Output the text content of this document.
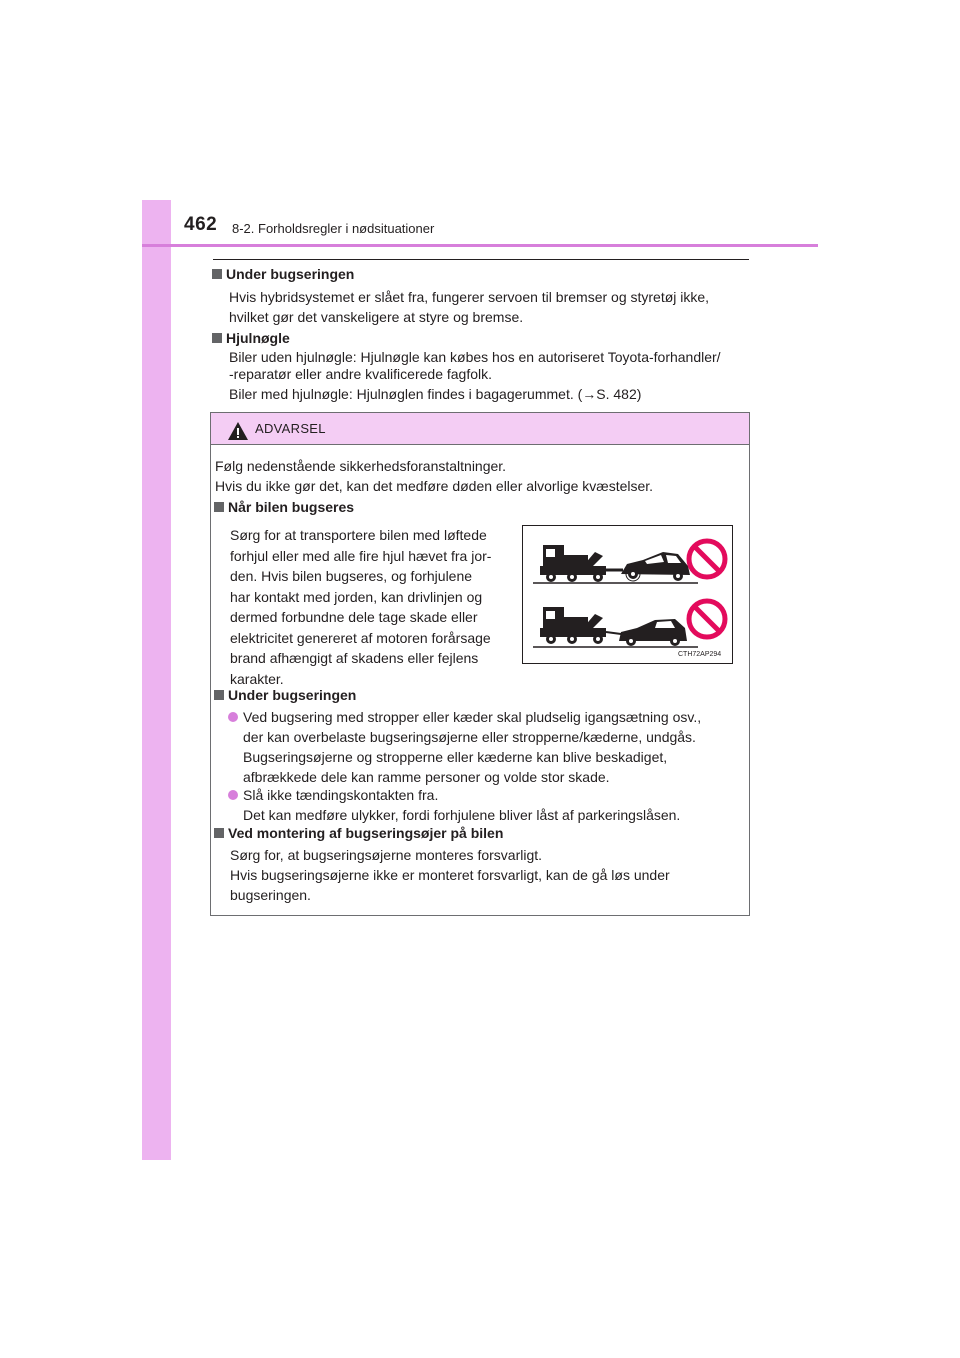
462 8-2. Forholdsregler i nødsituationer
Under bugseringen
Hvis hybridsystemet er slået fra, fungerer servoen til bremser og styretøj ikke,
hvilket gør det vanskeligere at styre og bremse.
Hjulnøgle
Biler uden hjulnøgle: Hjulnøgle kan købes hos en autoriseret Toyota-forhandler/
-reparatør eller andre kvalificerede fagfolk.
Biler med hjulnøgle: Hjulnøglen findes i bagagerummet. (→S. 482)
ADVARSEL
Følg nedenstående sikkerhedsforanstaltninger.
Hvis du ikke gør det, kan det medføre døden eller alvorlige kvæstelser.
Når bilen bugseres
Sørg for at transportere bilen med løftede
forhjul eller med alle fire hjul hævet fra jor-
den. Hvis bilen bugseres, og forhjulene
har kontakt med jorden, kan drivlinjen og
dermed forbundne dele tage skade eller
elektricitet genereret af motoren forårsage
brand afhængigt af skadens eller fejlens
karakter.
Under bugseringen
Ved bugsering med stropper eller kæder skal pludselig igangsætning osv.,
der kan overbelaste bugseringsøjerne eller stropperne/kæderne, undgås.
Bugseringsøjerne og stropperne eller kæderne kan blive beskadiget,
afbrækkede dele kan ramme personer og volde stor skade.
Slå ikke tændingskontakten fra.
Det kan medføre ulykker, fordi forhjulene bliver låst af parkeringslåsen.
Ved montering af bugseringsøjer på bilen
Sørg for, at bugseringsøjerne monteres forsvarligt.
Hvis bugseringsøjerne ikke er monteret forsvarligt, kan de gå løs under
bugseringen.
CTH72AP294
